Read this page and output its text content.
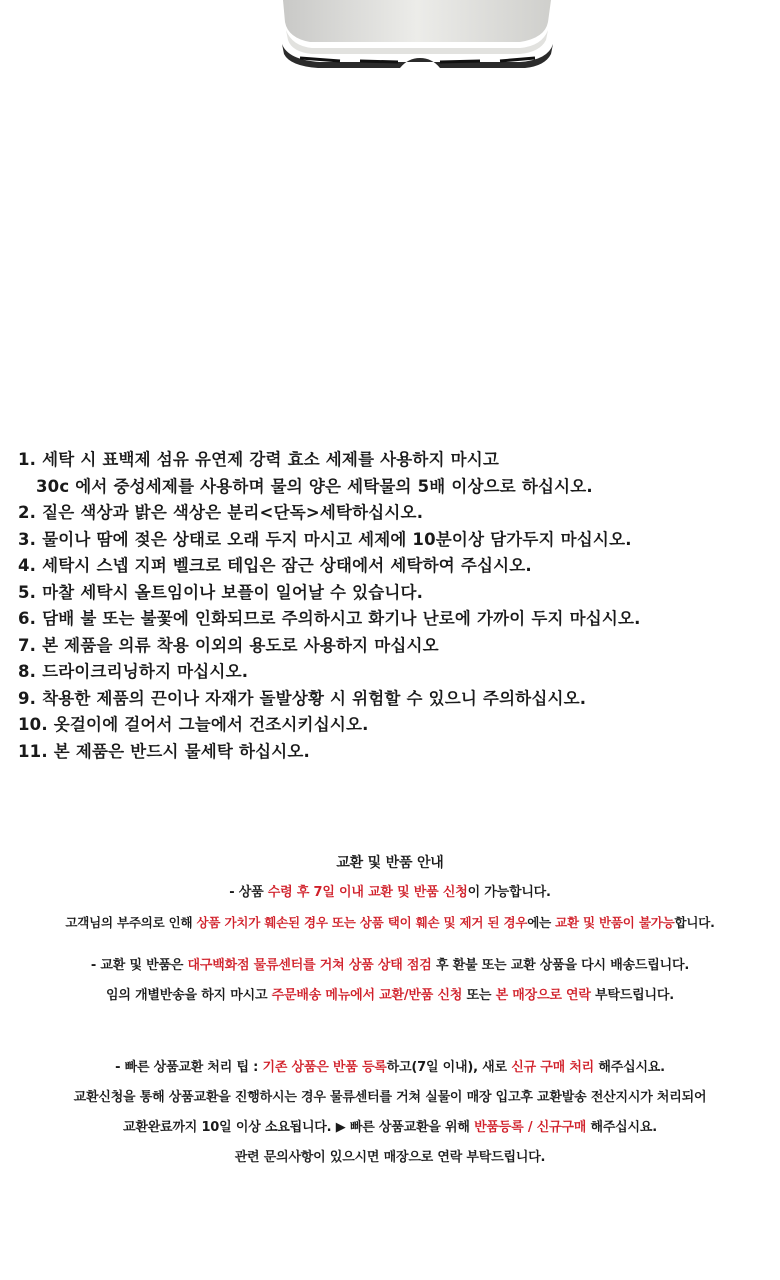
1. 세탁 시 표백제 섬유 유연제 강력 효소 세제를 사용하지 마시고
30c 에서 중성세제를 사용하며 물의 양은 세탁물의 5배 이상으로 하십시오.
2. 짙은 색상과 밝은 색상은 분리<단독>세탁하십시오.
3. 물이나 땀에 젖은 상태로 오래 두지 마시고 세제에 10분이상 담가두지 마십시오.
4. 세탁시 스넵 지퍼 벨크로 테입은 잠근 상태에서 세탁하여 주십시오.
5. 마찰 세탁시 올트임이나 보플이 일어날 수 있습니다.
6. 담배 불 또는 불꽃에 인화되므로 주의하시고 화기나 난로에 가까이 두지 마십시오.
7. 본 제품을 의류 착용 이외의 용도로 사용하지 마십시오
8. 드라이크리닝하지 마십시오.
9. 착용한 제품의 끈이나 자재가 돌발상황 시 위험할 수 있으니 주의하십시오.
10. 옷걸이에 걸어서 그늘에서 건조시키십시오.
11. 본 제품은 반드시 물세탁 하십시오.
교환 및 반품 안내
- 상품 수령 후 7일 이내 교환 및 반품 신청이 가능합니다.
고객님의 부주의로 인해 상품 가치가 훼손된 경우 또는 상품 택이 훼손 및 제거 된 경우에는 교환 및 반품이 불가능합니다.
- 교환 및 반품은 대구백화점 물류센터를 거쳐 상품 상태 점검 후 환불 또는 교환 상품을 다시 배송드립니다.
임의 개별반송을 하지 마시고 주문배송 메뉴에서 교환/반품 신청 또는 본 매장으로 연락 부탁드립니다.
- 빠른 상품교환 처리 팁 : 기존 상품은 반품 등록하고(7일 이내), 새로 신규 구매 처리 해주십시요.
교환신청을 통해 상품교환을 진행하시는 경우 물류센터를 거쳐 실물이 매장 입고후 교환발송 전산지시가 처리되어
교환완료까지 10일 이상 소요됩니다. ▶ 빠른 상품교환을 위해 반품등록 / 신규구매 해주십시요.
관련 문의사항이 있으시면 매장으로 연락 부탁드립니다.
